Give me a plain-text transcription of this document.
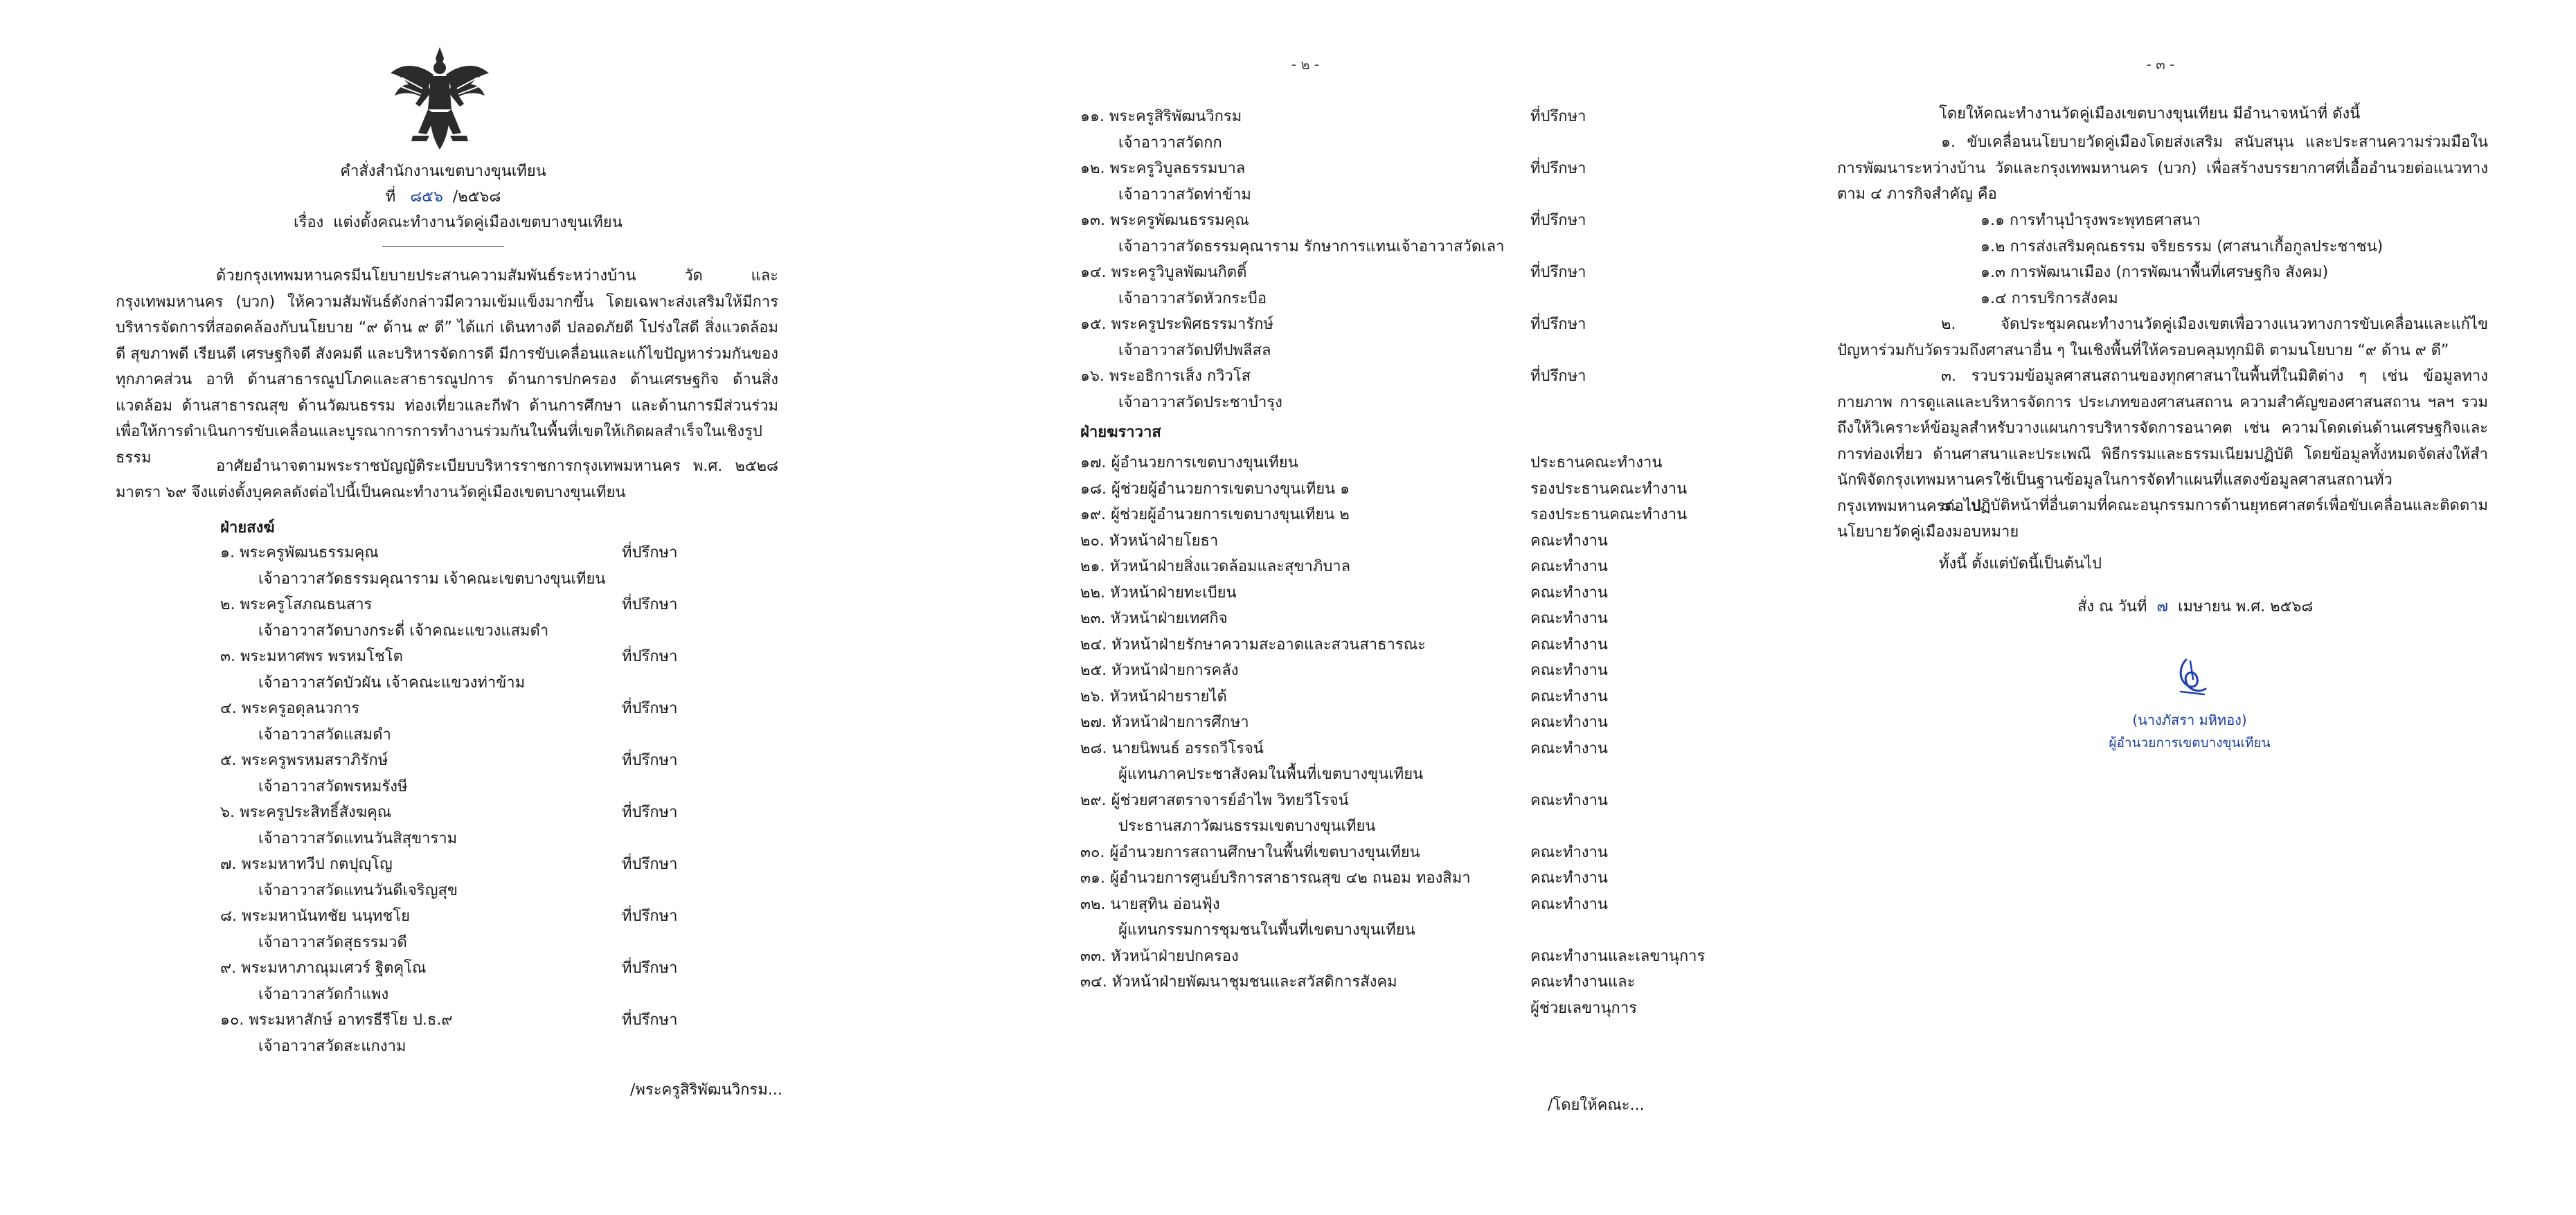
คำสั่งสำนักงานเขตบางขุนเทียน
ที่ ๘๕๖ /๒๕๖๘
เรื่อง แต่งตั้งคณะทำงานวัดคู่เมืองเขตบางขุนเทียน

ด้วยกรุงเทพมหานครมีนโยบายประสานความสัมพันธ์ระหว่างบ้าน วัด และกรุงเทพมหานคร (บวก) ให้ความสัมพันธ์ดังกล่าวมีความเข้มแข็งมากขึ้น โดยเฉพาะส่งเสริมให้มีการบริหารจัดการที่สอดคล้องกับนโยบาย “๙ ด้าน ๙ ดี” ได้แก่ เดินทางดี ปลอดภัยดี โปร่งใสดี สิ่งแวดล้อมดี สุขภาพดี เรียนดี เศรษฐกิจดี สังคมดี และบริหารจัดการดี มีการขับเคลื่อนและแก้ไขปัญหาร่วมกันของทุกภาคส่วน อาทิ ด้านสาธารณูปโภคและสาธารณูปการ ด้านการปกครอง ด้านเศรษฐกิจ ด้านสิ่งแวดล้อม ด้านสาธารณสุข ด้านวัฒนธรรม ท่องเที่ยวและกีฬา ด้านการศึกษา และด้านการมีส่วนร่วม เพื่อให้การดำเนินการขับเคลื่อนและบูรณาการการทำงานร่วมกันในพื้นที่เขตให้เกิดผลสำเร็จในเชิงรูปธรรม	อาศัยอำนาจตามพระราชบัญญัติระเบียบบริหารราชการกรุงเทพมหานคร พ.ศ. ๒๕๒๘ มาตรา ๖๙ จึงแต่งตั้งบุคคลดังต่อไปนี้เป็นคณะทำงานวัดคู่เมืองเขตบางขุนเทียน

ฝ่ายสงฆ์
๑. พระครูพัฒนธรรมคุณ	ที่ปรึกษา
เจ้าอาวาสวัดธรรมคุณาราม เจ้าคณะเขตบางขุนเทียน
๒. พระครูโสภณธนสาร	ที่ปรึกษา
เจ้าอาวาสวัดบางกระดี่ เจ้าคณะแขวงแสมดำ
๓. พระมหาศพร พรหมโชโต	ที่ปรึกษา
เจ้าอาวาสวัดบัวผัน เจ้าคณะแขวงท่าข้าม
๔. พระครูอดุลนวการ	ที่ปรึกษา
เจ้าอาวาสวัดแสมดำ
๕. พระครูพรหมสราภิรักษ์	ที่ปรึกษา
เจ้าอาวาสวัดพรหมรังษี
๖. พระครูประสิทธิ์สังฆคุณ	ที่ปรึกษา
เจ้าอาวาสวัดแทนวันสิสุขาราม
๗. พระมหาทวีป กตปุญฺโญ	ที่ปรึกษา
เจ้าอาวาสวัดแทนวันดีเจริญสุข
๘. พระมหานันทชัย นนฺทชโย	ที่ปรึกษา
เจ้าอาวาสวัดสุธรรมวดี
๙. พระมหาภาณุมเศวร์ ฐิตคุโณ	ที่ปรึกษา
เจ้าอาวาสวัดกำแพง
๑๐. พระมหาสักษ์ อาทรธีรีโย ป.ธ.๙	ที่ปรึกษา
เจ้าอาวาสวัดสะแกงาม
/พระครูสิริพัฒนวิกรม...
- ๒ -
๑๑. พระครูสิริพัฒนวิกรม	ที่ปรึกษา
เจ้าอาวาสวัดกก
๑๒. พระครูวิบูลธรรมบาล	ที่ปรึกษา
เจ้าอาวาสวัดท่าข้าม
๑๓. พระครูพัฒนธรรมคุณ	ที่ปรึกษา
เจ้าอาวาสวัดธรรมคุณาราม รักษาการแทนเจ้าอาวาสวัดเลา
๑๔. พระครูวิบูลพัฒนกิตติ์	ที่ปรึกษา
เจ้าอาวาสวัดหัวกระบือ
๑๕. พระครูประพิศธรรมารักษ์	ที่ปรึกษา
เจ้าอาวาสวัดปทีปพลีสล
๑๖. พระอธิการเส็ง กวิวโส	ที่ปรึกษา
เจ้าอาวาสวัดประชาบำรุง
ฝ่ายฆราวาส
๑๗. ผู้อำนวยการเขตบางขุนเทียน	ประธานคณะทำงาน
๑๘. ผู้ช่วยผู้อำนวยการเขตบางขุนเทียน ๑	รองประธานคณะทำงาน
๑๙. ผู้ช่วยผู้อำนวยการเขตบางขุนเทียน ๒	รองประธานคณะทำงาน
๒๐. หัวหน้าฝ่ายโยธา	คณะทำงาน
๒๑. หัวหน้าฝ่ายสิ่งแวดล้อมและสุขาภิบาล	คณะทำงาน
๒๒. หัวหน้าฝ่ายทะเบียน	คณะทำงาน
๒๓. หัวหน้าฝ่ายเทศกิจ	คณะทำงาน
๒๔. หัวหน้าฝ่ายรักษาความสะอาดและสวนสาธารณะ	คณะทำงาน
๒๕. หัวหน้าฝ่ายการคลัง	คณะทำงาน
๒๖. หัวหน้าฝ่ายรายได้	คณะทำงาน
๒๗. หัวหน้าฝ่ายการศึกษา	คณะทำงาน
๒๘. นายนิพนธ์ อรรถวีโรจน์	คณะทำงาน
ผู้แทนภาคประชาสังคมในพื้นที่เขตบางขุนเทียน
๒๙. ผู้ช่วยศาสตราจารย์อำไพ วิทยวีโรจน์	คณะทำงาน
ประธานสภาวัฒนธรรมเขตบางขุนเทียน
๓๐. ผู้อำนวยการสถานศึกษาในพื้นที่เขตบางขุนเทียน	คณะทำงาน
๓๑. ผู้อำนวยการศูนย์บริการสาธารณสุข ๔๒ ถนอม ทองสิมา	คณะทำงาน
๓๒. นายสุทิน อ่อนฟุ้ง	คณะทำงาน
ผู้แทนกรรมการชุมชนในพื้นที่เขตบางขุนเทียน
๓๓. หัวหน้าฝ่ายปกครอง	คณะทำงานและเลขานุการ
๓๔. หัวหน้าฝ่ายพัฒนาชุมชนและสวัสดิการสังคม	คณะทำงานและ
ผู้ช่วยเลขานุการ
/โดยให้คณะ...
- ๓ -
โดยให้คณะทำงานวัดคู่เมืองเขตบางขุนเทียน มีอำนาจหน้าที่ ดังนี้

๑. ขับเคลื่อนนโยบายวัดคู่เมืองโดยส่งเสริม สนับสนุน และประสานความร่วมมือในการพัฒนาระหว่างบ้าน วัดและกรุงเทพมหานคร (บวก) เพื่อสร้างบรรยากาศที่เอื้ออำนวยต่อแนวทางตาม ๔ ภารกิจสำคัญ คือ

๑.๑ การทำนุบำรุงพระพุทธศาสนา
๑.๒ การส่งเสริมคุณธรรม จริยธรรม (ศาสนาเกื้อกูลประชาชน)
๑.๓ การพัฒนาเมือง (การพัฒนาพื้นที่เศรษฐกิจ สังคม)
๑.๔ การบริการสังคม

๒. จัดประชุมคณะทำงานวัดคู่เมืองเขตเพื่อวางแนวทางการขับเคลื่อนและแก้ไขปัญหาร่วมกับวัดรวมถึงศาสนาอื่น ๆ ในเชิงพื้นที่ให้ครอบคลุมทุกมิติ ตามนโยบาย “๙ ด้าน ๙ ดี”

๓. รวบรวมข้อมูลศาสนสถานของทุกศาสนาในพื้นที่ในมิติต่าง ๆ เช่น ข้อมูลทางกายภาพ การดูแลและบริหารจัดการ ประเภทของศาสนสถาน ความสำคัญของศาสนสถาน ฯลฯ รวมถึงให้วิเคราะห์ข้อมูลสำหรับวางแผนการบริหารจัดการอนาคต เช่น ความโดดเด่นด้านเศรษฐกิจและการท่องเที่ยว ด้านศาสนาและประเพณี พิธีกรรมและธรรมเนียมปฏิบัติ โดยข้อมูลทั้งหมดจัดส่งให้สำนักพิจัดกรุงเทพมหานครใช้เป็นฐานข้อมูลในการจัดทำแผนที่แสดงข้อมูลศาสนสถานทั่วกรุงเทพมหานครต่อไป

๔. ปฏิบัติหน้าที่อื่นตามที่คณะอนุกรรมการด้านยุทธศาสตร์เพื่อขับเคลื่อนและติดตามนโยบายวัดคู่เมืองมอบหมาย

ทั้งนี้ ตั้งแต่บัดนี้เป็นต้นไป
สั่ง ณ วันที่ ๗ เมษายน พ.ศ. ๒๕๖๘
(นางภัสรา มหิทอง)
ผู้อำนวยการเขตบางขุนเทียน
